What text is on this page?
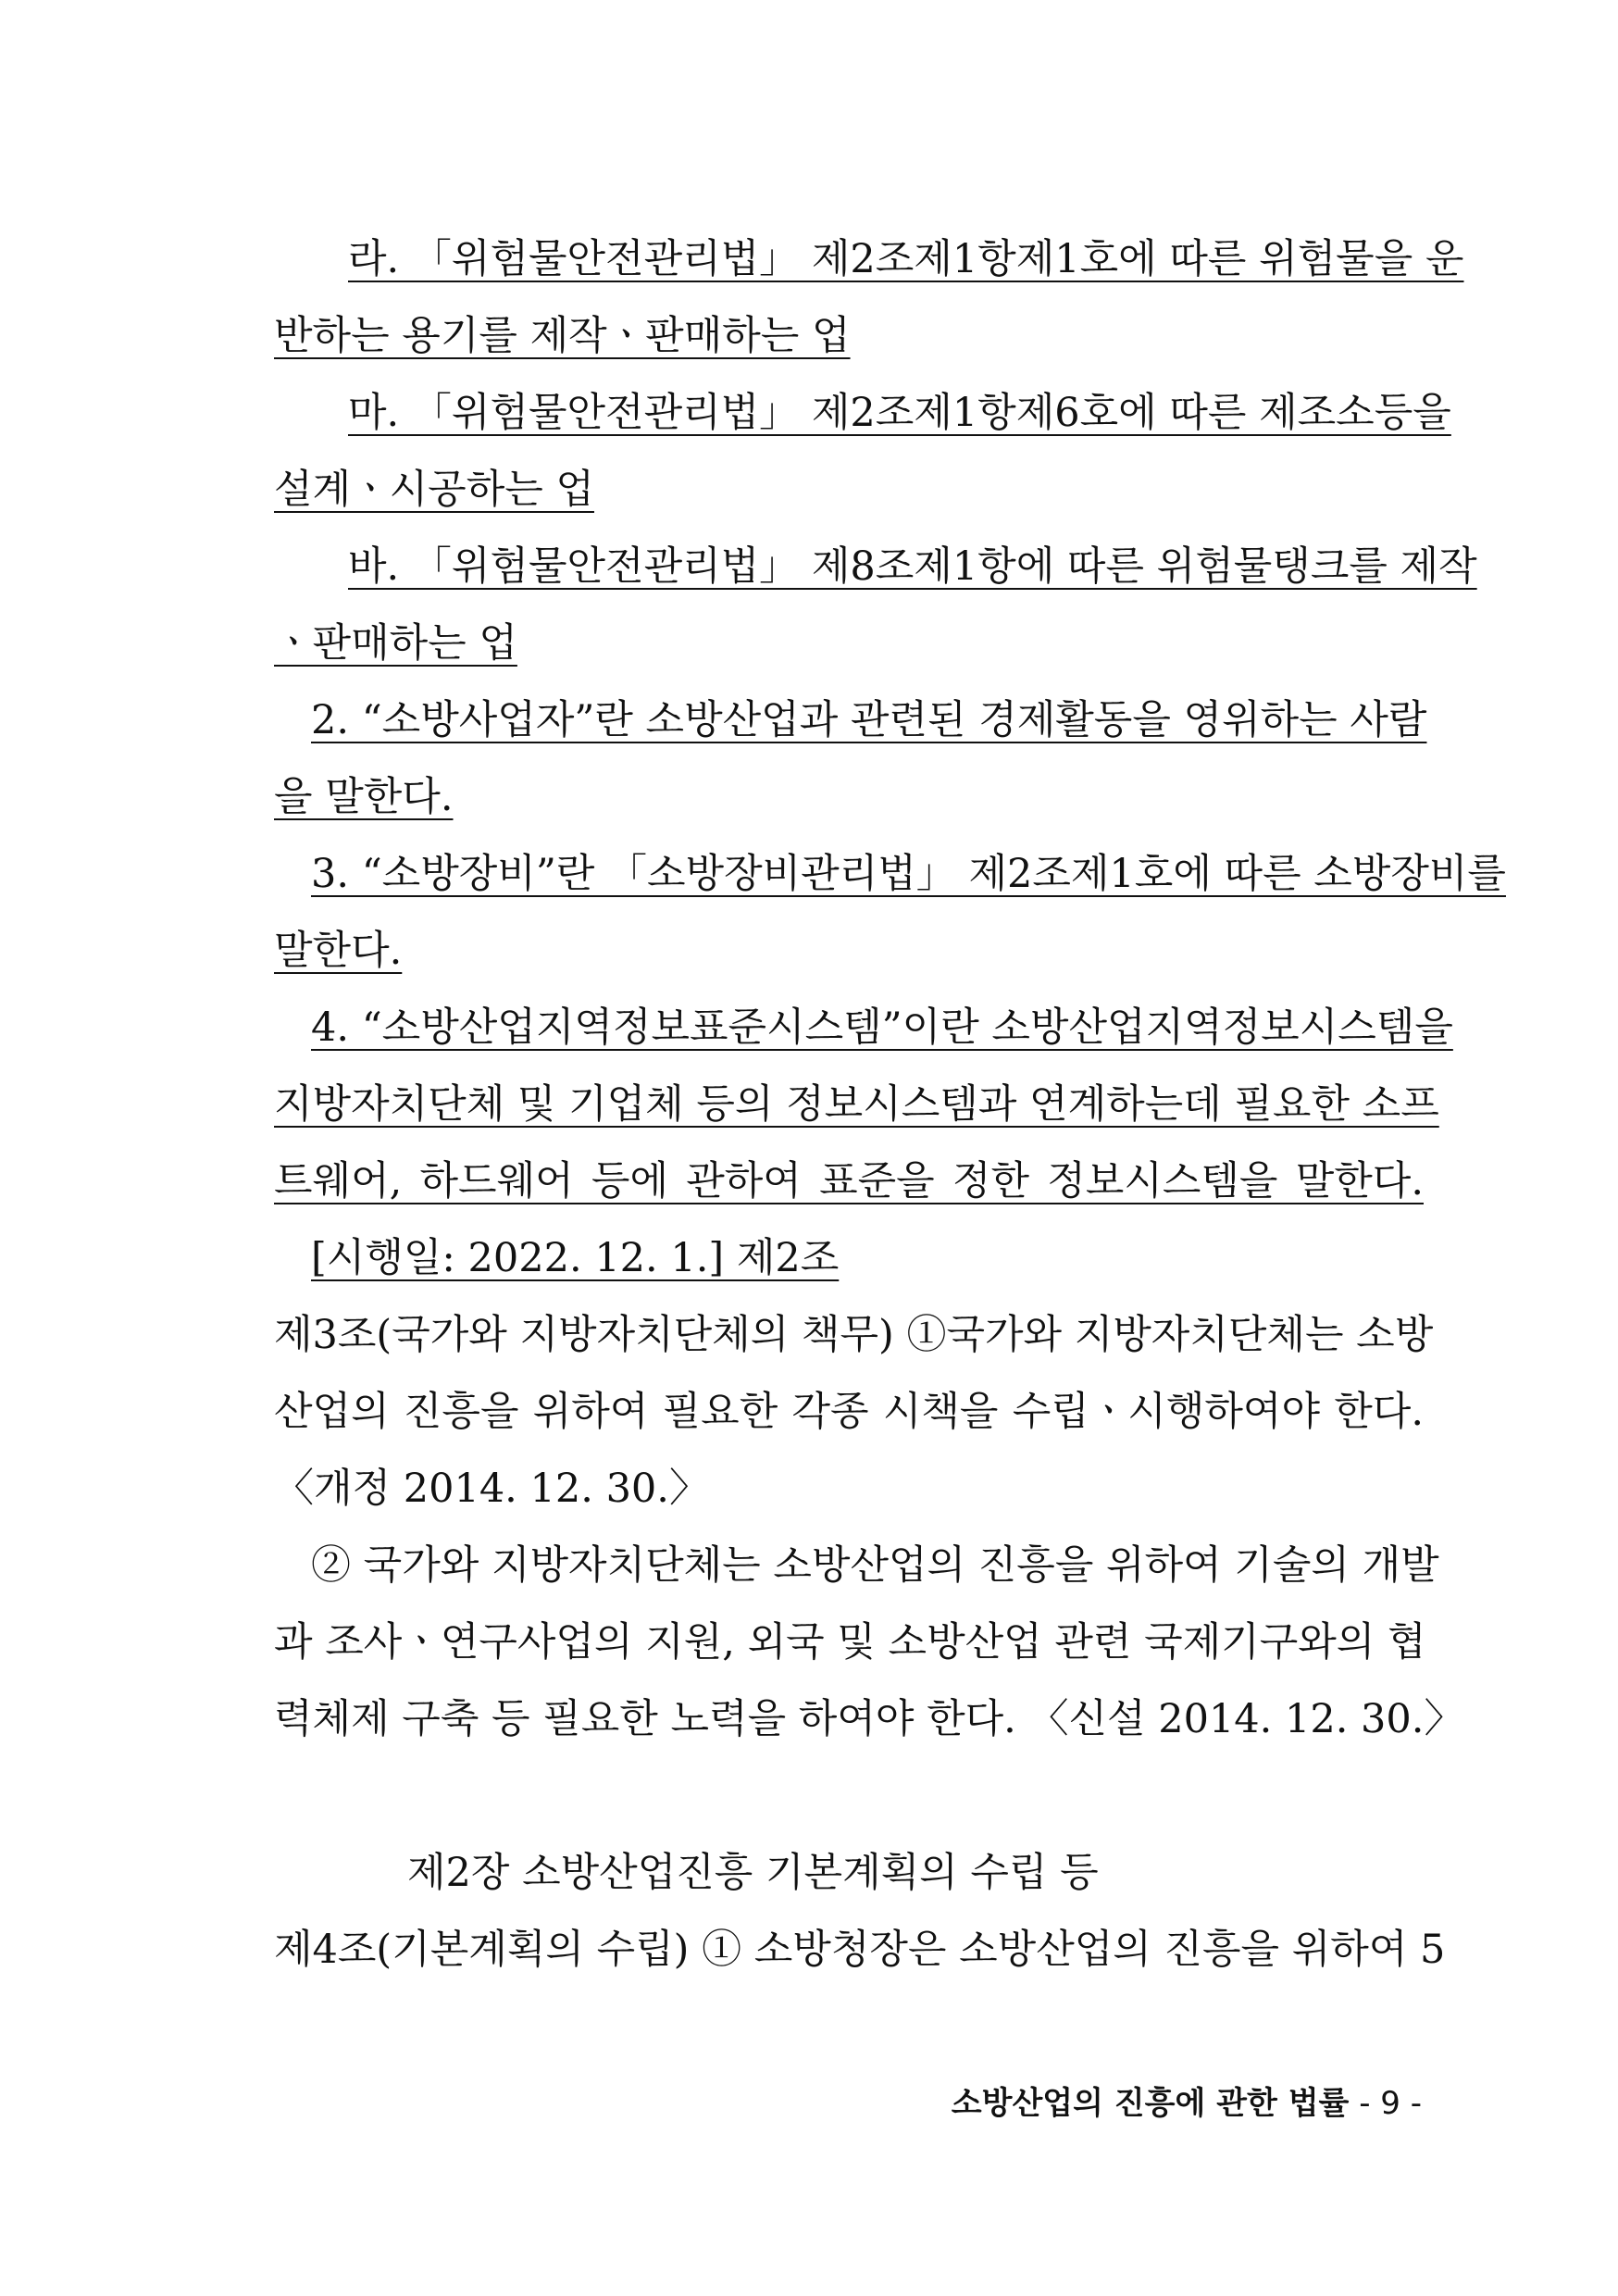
라. 「위험물안전관리법」 제2조제1항제1호에 따른 위험물을 운
반하는 용기를 제작ㆍ판매하는 업
마. 「위험물안전관리법」 제2조제1항제6호에 따른 제조소등을
설계ㆍ시공하는 업
바. 「위험물안전관리법」 제8조제1항에 따른 위험물탱크를 제작
ㆍ판매하는 업
2. “소방사업자”란 소방산업과 관련된 경제활동을 영위하는 사람
을 말한다.
3. “소방장비”란 「소방장비관리법」 제2조제1호에 따른 소방장비를
말한다.
4. “소방산업지역정보표준시스템”이란 소방산업지역정보시스템을
지방자치단체 및 기업체 등의 정보시스템과 연계하는데 필요한 소프
트웨어, 하드웨어 등에 관하여 표준을 정한 정보시스템을 말한다.
[시행일: 2022. 12. 1.] 제2조
제3조(국가와 지방자치단체의 책무) ①국가와 지방자치단체는 소방
산업의 진흥을 위하여 필요한 각종 시책을 수립ㆍ시행하여야 한다.
〈개정 2014. 12. 30.〉
② 국가와 지방자치단체는 소방산업의 진흥을 위하여 기술의 개발
과 조사ㆍ연구사업의 지원, 외국 및 소방산업 관련 국제기구와의 협
력체제 구축 등 필요한 노력을 하여야 한다. 〈신설 2014. 12. 30.〉
제2장 소방산업진흥 기본계획의 수립 등
제4조(기본계획의 수립) ① 소방청장은 소방산업의 진흥을 위하여 5
소방산업의 진흥에 관한 법률 - 9 -
